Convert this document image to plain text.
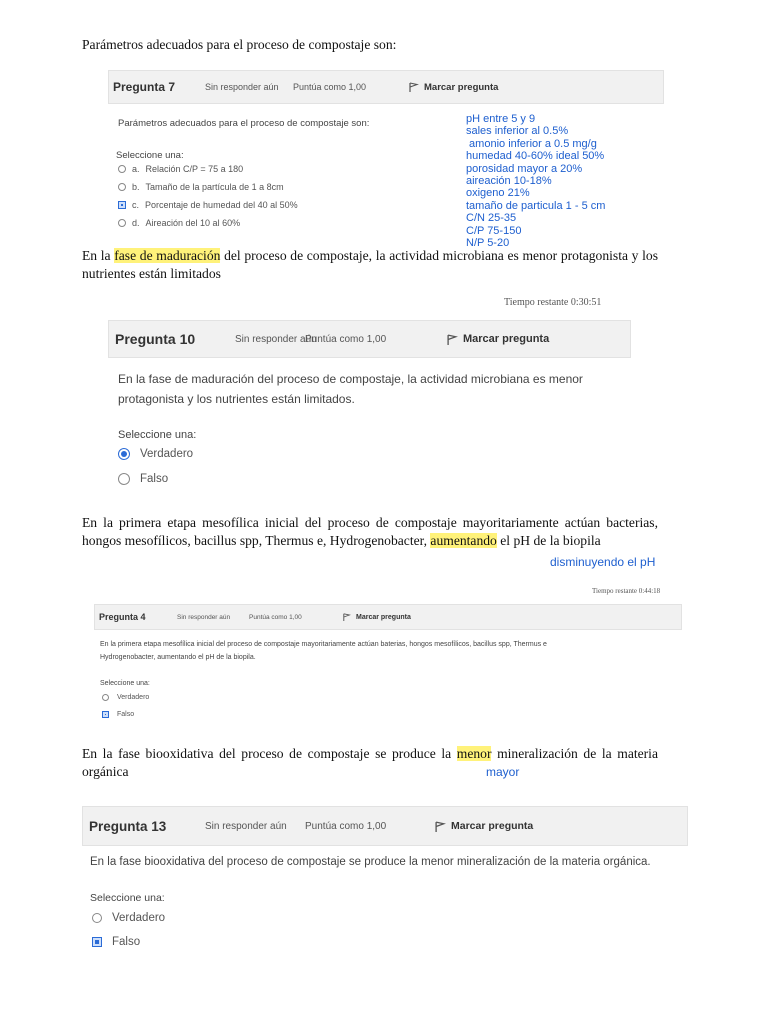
Parámetros adecuados para el proceso de compostaje son:
Pregunta 7	Sin responder aún	Puntúa como 1,00	Marcar pregunta
Parámetros adecuados para el proceso de compostaje son:
Seleccione una:
a. Relación C/P = 75 a 180
b. Tamaño de la partícula de 1 a 8cm
c. Porcentaje de humedad del 40 al 50%
d. Aireación del 10 al 60%
pH entre 5 y 9
sales inferior al 0.5%
amonio inferior a 0.5 mg/g
humedad 40-60% ideal 50%
porosidad mayor a 20%
aireación 10-18%
oxigeno 21%
tamaño de particula 1 - 5 cm
C/N 25-35
C/P 75-150
N/P 5-20
En la fase de maduración del proceso de compostaje, la actividad microbiana es menor protagonista y los nutrientes están limitados
Tiempo restante 0:30:51
Pregunta 10	Sin responder aún
Puntúa como 1,00	Marcar pregunta
En la fase de maduración del proceso de compostaje, la actividad microbiana es menor
protagonista y los nutrientes están limitados.
Seleccione una:
Verdadero
Falso
En la primera etapa mesofílica inicial del proceso de compostaje mayoritariamente actúan bacterias, hongos mesofílicos, bacillus spp, Thermus e, Hydrogenobacter, aumentando el pH de la biopila
disminuyendo el pH
Tiempo restante 0:44:18
Pregunta 4	Sin responder aún	Puntúa como 1,00	Marcar pregunta
En la primera etapa mesofílica inicial del proceso de compostaje mayoritariamente actúan baterias, hongos mesofílicos, bacillus spp, Thermus e
Hydrogenobacter, aumentando el pH de la biopila.
Seleccione una:
Verdadero
Falso
En la fase biooxidativa del proceso de compostaje se produce la menor mineralización de la materia orgánica	mayor
Pregunta 13	Sin responder aún	Puntúa como 1,00	Marcar pregunta
En la fase biooxidativa del proceso de compostaje se produce la menor mineralización de la materia orgánica.
Seleccione una:
Verdadero
Falso
